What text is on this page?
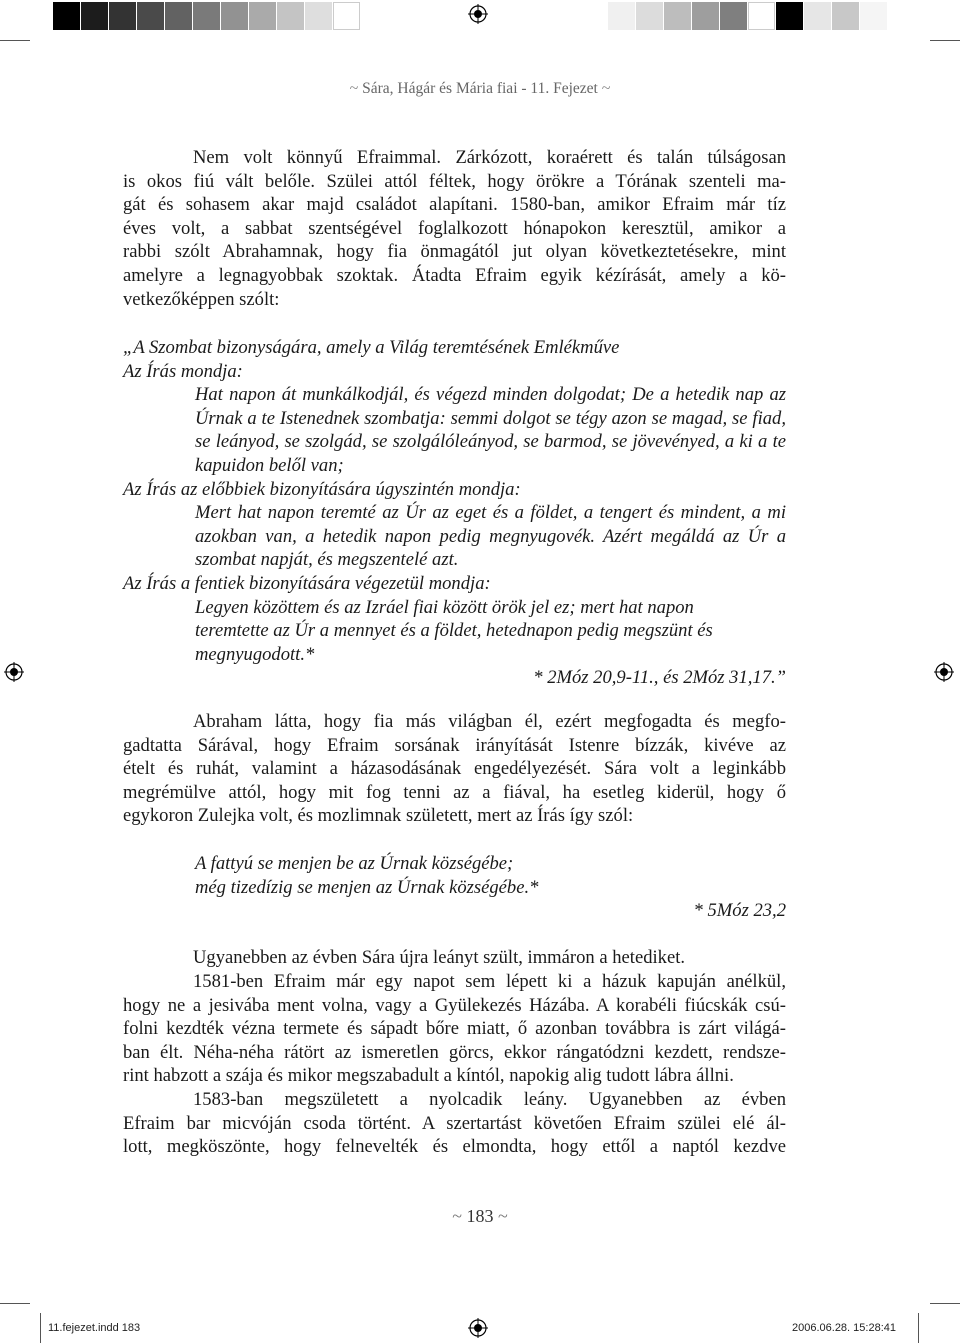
~ Sára, Hágár és Mária fiai - 11. Fejezet ~
Nem volt könnyű Efraimmal. Zárkózott, koraérett és talán túlságosan
is okos fiú vált belőle. Szülei attól féltek, hogy örökre a Tórának szenteli ma-
gát és sohasem akar majd családot alapítani. 1580-ban, amikor Efraim már tíz
éves volt, a sabbat szentségével foglalkozott hónapokon keresztül, amikor a
rabbi szólt Abrahamnak, hogy fia önmagától jut olyan következtetésekre, mint
amelyre a legnagyobbak szoktak. Átadta Efraim egyik kézírását, amely a kö-
vetkezőképpen szólt:
„A Szombat bizonyságára, amely a Világ teremtésének Emlékműve
Az Írás mondja:
Hat napon át munkálkodjál, és végezd minden dolgodat; De a hetedik nap az
Úrnak a te Istenednek szombatja: semmi dolgot se tégy azon se magad, se fiad,
se leányod, se szolgád, se szolgálóleányod, se barmod, se jövevényed, a ki a te
kapuidon belől van;
Az Írás az előbbiek bizonyítására úgyszintén mondja:
Mert hat napon teremté az Úr az eget és a földet, a tengert és mindent, a mi
azokban van, a hetedik napon pedig megnyugovék. Azért megáldá az Úr a
szombat napját, és megszentelé azt.
Az Írás a fentiek bizonyítására végezetül mondja:
Legyen közöttem és az Izráel fiai között örök jel ez; mert hat napon
teremtette az Úr a mennyet és a földet, hetednapon pedig megszünt és
megnyugodott.*
* 2Móz 20,9-11., és 2Móz 31,17.”
Abraham látta, hogy fia más világban él, ezért megfogadta és megfo-
gadtatta Sárával, hogy Efraim sorsának irányítását Istenre bízzák, kivéve az
ételt és ruhát, valamint a házasodásának engedélyezését. Sára volt a leginkább
megrémülve attól, hogy mit fog tenni az a fiával, ha esetleg kiderül, hogy ő
egykoron Zulejka volt, és mozlimnak született, mert az Írás így szól:
A fattyú se menjen be az Úrnak községébe;
még tizedízig se menjen az Úrnak községébe.*
* 5Móz 23,2
Ugyanebben az évben Sára újra leányt szült, immáron a hetediket.
1581-ben Efraim már egy napot sem lépett ki a házuk kapuján anélkül,
hogy ne a jesivába ment volna, vagy a Gyülekezés Házába. A korabéli fiúcskák csú-
folni kezdték vézna termete és sápadt bőre miatt, ő azonban továbbra is zárt világá-
ban élt. Néha-néha rátört az ismeretlen görcs, ekkor rángatódzni kezdett, rendsze-
rint habzott a szája és mikor megszabadult a kíntól, napokig alig tudott lábra állni.
1583-ban megszületett a nyolcadik leány. Ugyanebben az évben
Efraim bar micvóján csoda történt. A szertartást követően Efraim szülei elé ál-
lott, megköszönte, hogy felnevelték és elmondta, hogy ettől a naptól kezdve
~ 183 ~
11.fejezet.indd 183	2006.06.28. 15:28:41
